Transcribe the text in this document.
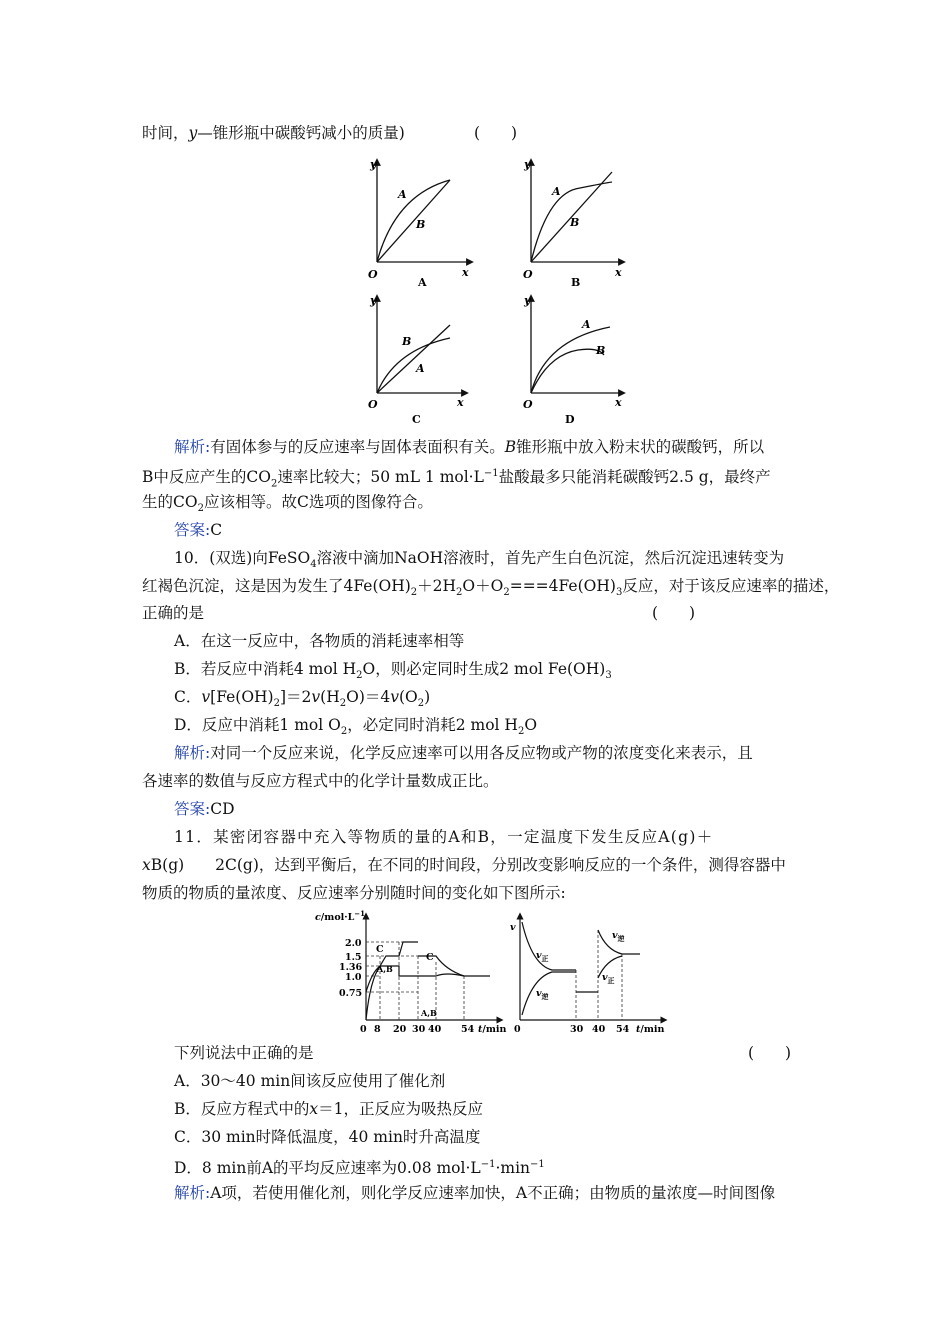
时间，y—锥形瓶中碳酸钙减小的质量)	(　　)
y
x
O
A
B
A
y
x
O
A
B
B
y
x
O
B
A
C
y
x
O
A
B
D
解析:有固体参与的反应速率与固体表面积有关。B锥形瓶中放入粉末状的碳酸钙，所以
B中反应产生的$CO_2$速率比较大；50 mL 1 $mol\cdot L^{-1}$盐酸最多只能消耗碳酸钙2.5 g，最终产
生的$CO_2$应该相等。故C选项的图像符合。
答案:C
10．(双选)向FeSO$_4$溶液中滴加NaOH溶液时，首先产生白色沉淀，然后沉淀迅速转变为
红褐色沉淀，这是因为发生了$4Fe(OH)_2+2H_2O+O_2===4Fe(OH)_3$反应，对于该反应速率的描述，
正确的是	(　　)
A．在这一反应中，各物质的消耗速率相等
B．若反应中消耗4 mol $H_2O$，则必定同时生成2 mol $Fe(OH)_3$
C．$v[Fe(OH)_2]=2v(H_2O)=4v(O_2)$
D．反应中消耗1 mol $O_2$，必定同时消耗2 mol $H_2O$
解析:对同一个反应来说，化学反应速率可以用各反应物或产物的浓度变化来表示，且
各速率的数值与反应方程式中的化学计量数成正比。
答案:CD
11．某密闭容器中充入等物质的量的A和B，一定温度下发生反应A(g)＋
xB(g)　　2C(g)，达到平衡后，在不同的时间段，分别改变影响反应的一个条件，测得容器中
物质的物质的量浓度、反应速率分别随时间的变化如下图所示:
$c/mol\cdot L^{-1}$
2.0
1.5
1.36
1.0
0.75
0 8 20 30 40 54 t/min
C
A,B
C
A,B
v
0	30 40 54 t/min
$v_正$
$v_逆$
$v_逆$
$v_正$
下列说法中正确的是	(　　)
A．30～40 min间该反应使用了催化剂
B．反应方程式中的x＝1，正反应为吸热反应
C．30 min时降低温度，40 min时升高温度
D．8 min前A的平均反应速率为0.08 $mol\cdot L^{-1}\cdot\min^{-1}$
解析:A项，若使用催化剂，则化学反应速率加快，A不正确；由物质的量浓度—时间图像
